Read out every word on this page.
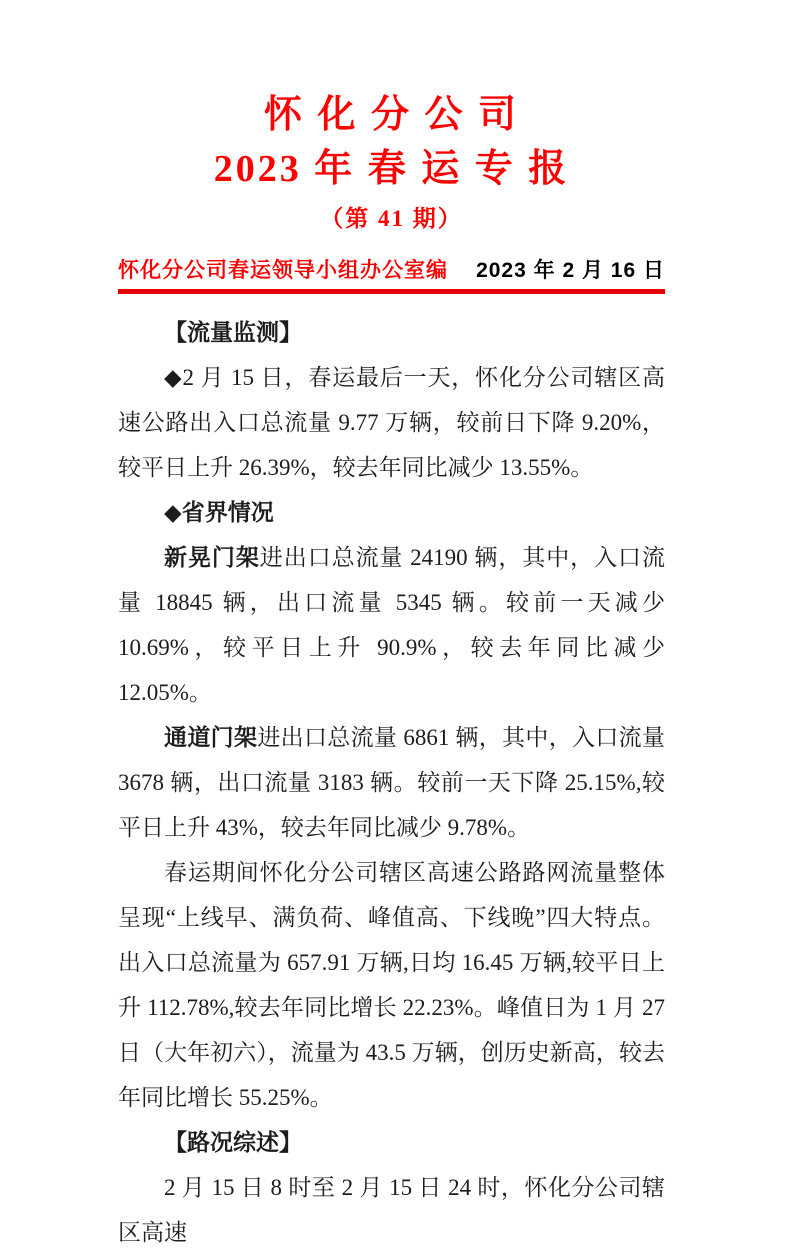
怀 化 分 公 司
2023 年 春 运 专 报
（第 41 期）
怀化分公司春运领导小组办公室编 2023 年 2 月 16 日

【流量监测】

◆2 月 15 日，春运最后一天，怀化分公司辖区高速公路出入口总流量 9.77 万辆，较前日下降 9.20%，较平日上升 26.39%，较去年同比减少 13.55%。

◆省界情况

新晃门架进出口总流量 24190 辆，其中，入口流量 18845 辆，出口流量 5345 辆。较前一天减少 10.69%，较平日上升 90.9%，较去年同比减少 12.05%。

通道门架进出口总流量 6861 辆，其中，入口流量 3678 辆，出口流量 3183 辆。较前一天下降 25.15%,较平日上升 43%，较去年同比减少 9.78%。

春运期间怀化分公司辖区高速公路路网流量整体呈现“上线早、满负荷、峰值高、下线晚”四大特点。出入口总流量为 657.91 万辆,日均 16.45 万辆,较平日上升 112.78%,较去年同比增长 22.23%。峰值日为 1 月 27 日（大年初六），流量为 43.5 万辆，创历史新高，较去年同比增长 55.25%。

【路况综述】

2 月 15 日 8 时至 2 月 15 日 24 时，怀化分公司辖区高速
